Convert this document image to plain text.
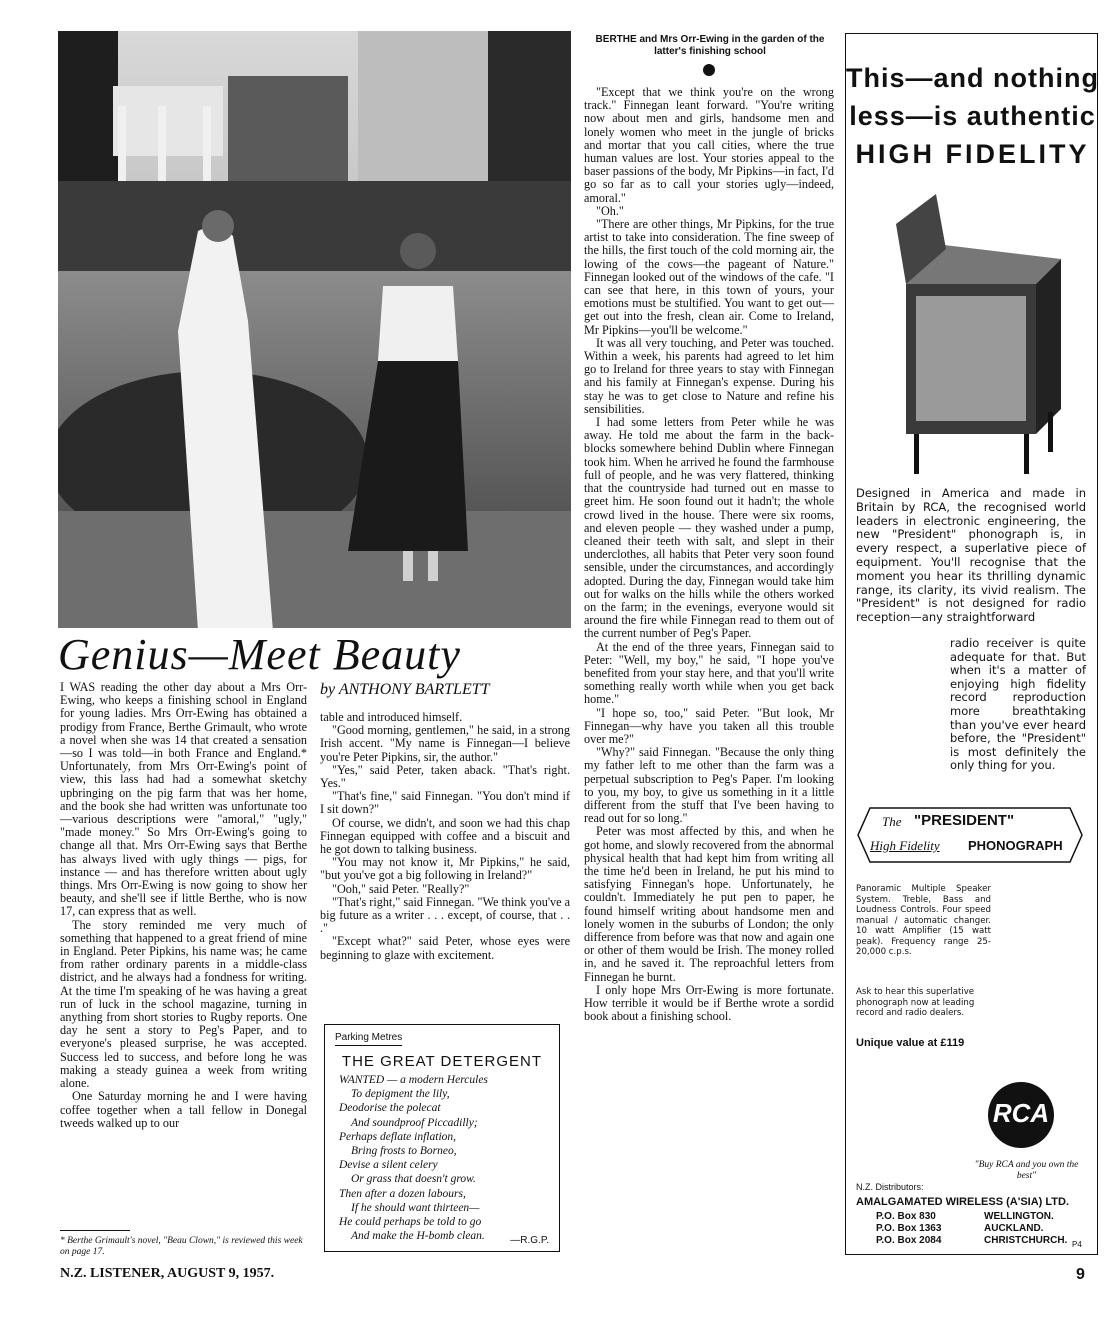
Genius—Meet Beauty

I WAS reading the other day about a Mrs Orr-Ewing, who keeps a finishing school in England for young ladies. Mrs Orr-Ewing has obtained a prodigy from France, Berthe Grimault, who wrote a novel when she was 14 that created a sensation—so I was told—in both France and England.* Unfortunately, from Mrs Orr-Ewing's point of view, this lass had had a somewhat sketchy upbringing on the pig farm that was her home, and the book she had written was unfortunate too—various descriptions were "amoral," "ugly," "made money." So Mrs Orr-Ewing's going to change all that. Mrs Orr-Ewing says that Berthe has always lived with ugly things — pigs, for instance — and has therefore written about ugly things. Mrs Orr-Ewing is now going to show her beauty, and she'll see if little Berthe, who is now 17, can express that as well.

The story reminded me very much of something that happened to a great friend of mine in England. Peter Pipkins, his name was; he came from rather ordinary parents in a middle-class district, and he always had a fondness for writing. At the time I'm speaking of he was having a great run of luck in the school magazine, turning in anything from short stories to Rugby reports. One day he sent a story to Peg's Paper, and to everyone's pleased surprise, he was accepted. Success led to success, and before long he was making a steady guinea a week from writing alone.

One Saturday morning he and I were having coffee together when a tall fellow in Donegal tweeds walked up to our

by ANTHONY BARTLETT

table and introduced himself.

"Good morning, gentlemen," he said, in a strong Irish accent. "My name is Finnegan—I believe you're Peter Pipkins, sir, the author."

"Yes," said Peter, taken aback. "That's right. Yes."

"That's fine," said Finnegan. "You don't mind if I sit down?"

Of course, we didn't, and soon we had this chap Finnegan equipped with coffee and a biscuit and he got down to talking business.

"You may not know it, Mr Pipkins," he said, "but you've got a big following in Ireland?"

"Ooh," said Peter. "Really?"

"That's right," said Finnegan. "We think you've a big future as a writer . . . except, of course, that . . ."

"Except what?" said Peter, whose eyes were beginning to glaze with excitement.

Parking Metres
THE GREAT DETERGENT
WANTED — a modern Hercules
To depigment the lily,
Deodorise the polecat
And soundproof Piccadilly;
Perhaps deflate inflation,
Bring frosts to Borneo,
Devise a silent celery
Or grass that doesn't grow.
Then after a dozen labours,
If he should want thirteen—
He could perhaps be told to go
And make the H-bomb clean.	—R.G.P.
* Berthe Grimault's novel, "Beau Clown," is reviewed this week on page 17.
BERTHE and Mrs Orr-Ewing in the garden of the latter's finishing school

"Except that we think you're on the wrong track." Finnegan leant forward. "You're writing now about men and girls, handsome men and lonely women who meet in the jungle of bricks and mortar that you call cities, where the true human values are lost. Your stories appeal to the baser passions of the body, Mr Pipkins—in fact, I'd go so far as to call your stories ugly—indeed, amoral."

"Oh."

"There are other things, Mr Pipkins, for the true artist to take into consideration. The fine sweep of the hills, the first touch of the cold morning air, the lowing of the cows—the pageant of Nature." Finnegan looked out of the windows of the cafe. "I can see that here, in this town of yours, your emotions must be stultified. You want to get out—get out into the fresh, clean air. Come to Ireland, Mr Pipkins—you'll be welcome."

It was all very touching, and Peter was touched. Within a week, his parents had agreed to let him go to Ireland for three years to stay with Finnegan and his family at Finnegan's expense. During his stay he was to get close to Nature and refine his sensibilities.

I had some letters from Peter while he was away. He told me about the farm in the back-blocks somewhere behind Dublin where Finnegan took him. When he arrived he found the farmhouse full of people, and he was very flattered, thinking that the countryside had turned out en masse to greet him. He soon found out it hadn't; the whole crowd lived in the house. There were six rooms, and eleven people — they washed under a pump, cleaned their teeth with salt, and slept in their underclothes, all habits that Peter very soon found sensible, under the circumstances, and accordingly adopted. During the day, Finnegan would take him out for walks on the hills while the others worked on the farm; in the evenings, everyone would sit around the fire while Finnegan read to them out of the current number of Peg's Paper.

At the end of the three years, Finnegan said to Peter: "Well, my boy," he said, "I hope you've benefited from your stay here, and that you'll write something really worth while when you get back home."

"I hope so, too," said Peter. "But look, Mr Finnegan—why have you taken all this trouble over me?"

"Why?" said Finnegan. "Because the only thing my father left to me other than the farm was a perpetual subscription to Peg's Paper. I'm looking to you, my boy, to give us something in it a little different from the stuff that I've been having to read out for so long."

Peter was most affected by this, and when he got home, and slowly recovered from the abnormal physical health that had kept him from writing all the time he'd been in Ireland, he put his mind to satisfying Finnegan's hope. Unfortunately, he couldn't. Immediately he put pen to paper, he found himself writing about handsome men and lonely women in the suburbs of London; the only difference from before was that now and again one or other of them would be Irish. The money rolled in, and he saved it. The reproachful letters from Finnegan he burnt.

I only hope Mrs Orr-Ewing is more fortunate. How terrible it would be if Berthe wrote a sordid book about a finishing school.

This—and nothing
less—is authentic
HIGH FIDELITY
Designed in America and made in Britain by RCA, the recognised world leaders in electronic engineering, the new "President" phonograph is, in every respect, a superlative piece of equipment. You'll recognise that the moment you hear its thrilling dynamic range, its clarity, its vivid realism. The "President" is not designed for radio reception—any straightforward
radio receiver is quite adequate for that. But when it's a matter of enjoying high fidelity record reproduction more breathtaking than you've ever heard before, the "President" is most definitely the only thing for you.
The "PRESIDENT"
High Fidelity PHONOGRAPH
Panoramic Multiple Speaker System. Treble, Bass and Loudness Controls. Four speed manual / automatic changer. 10 watt Amplifier (15 watt peak). Frequency range 25-20,000 c.p.s.
Ask to hear this superlative phonograph now at leading record and radio dealers.
Unique value at £119
RCA
"Buy RCA and you own the best"
N.Z. Distributors:
AMALGAMATED WIRELESS (A'SIA) LTD.
P.O. Box 830	WELLINGTON.
P.O. Box 1363	AUCKLAND.
P.O. Box 2084	CHRISTCHURCH. P4
N.Z. LISTENER, AUGUST 9, 1957.	9
